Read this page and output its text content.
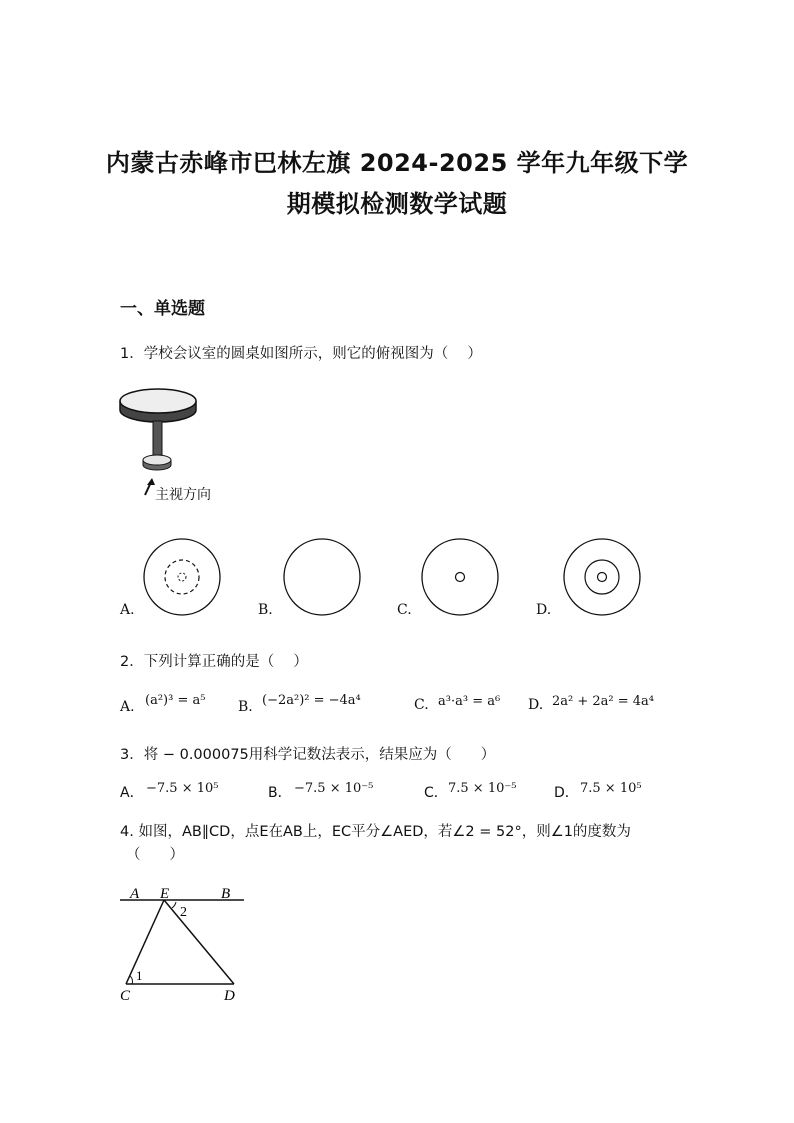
内蒙古赤峰市巴林左旗 2024-2025 学年九年级下学
期模拟检测数学试题
一、单选题
1．学校会议室的圆桌如图所示，则它的俯视图为（　 ）
主视方向
A.	B.	C.	D.
2．下列计算正确的是（　 ）
A. (a²)³ = a⁵ B. (−2a²)² = −4a⁴	C. a³·a³ = a⁶ D. 2a² + 2a² = 4a⁴
3．将 − 0.000075用科学记数法表示，结果应为（　　）
A． −7.5 × 10⁵	B． −7.5 × 10⁻⁵	C． 7.5 × 10⁻⁵	D． 7.5 × 10⁵
4. 如图，AB∥CD，点E在AB上，EC平分∠AED，若∠2 = 52°，则∠1的度数为
（　　）
A E	B
C	D
1
2
